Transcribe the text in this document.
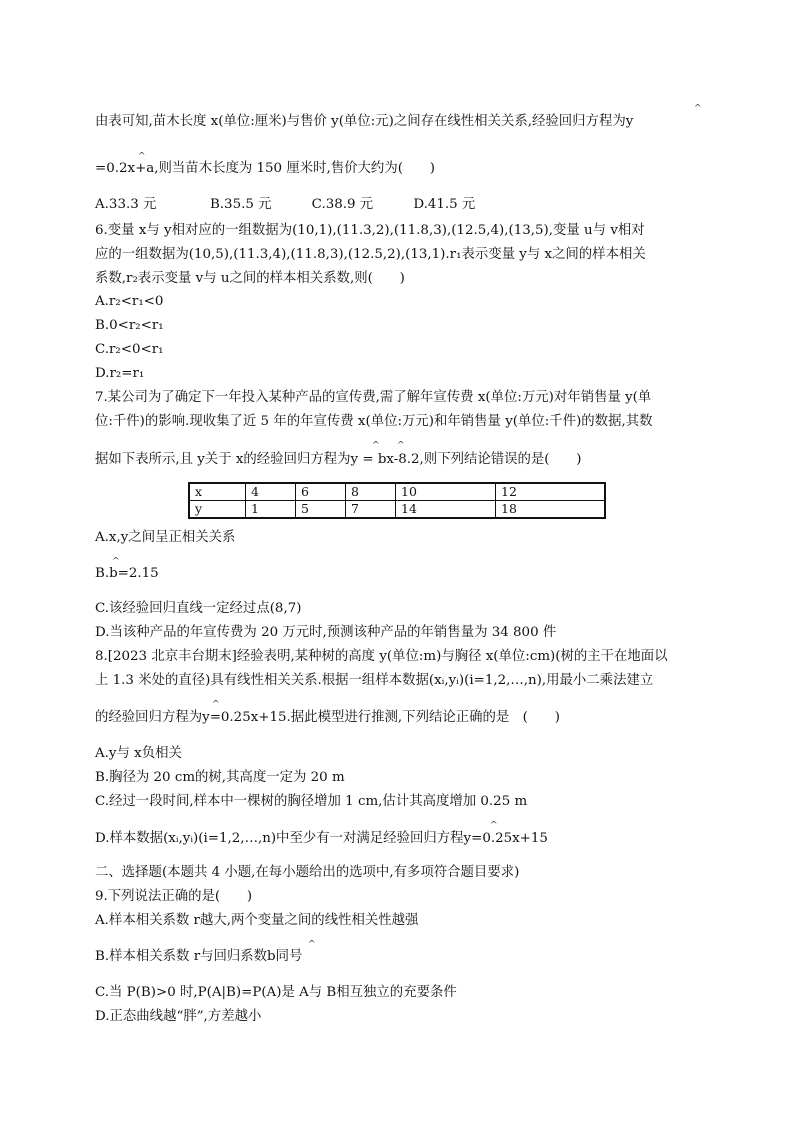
由表可知,苗木长度 x(单位:厘米)与售价 y(单位:元)之间存在线性相关关系,经验回归方程为y
^
=0.2x+a,则当苗木长度为 150 厘米时,售价大约为(　　)
^
A.33.3 元　　　　B.35.5 元　　　C.38.9 元　　　D.41.5 元
6.变量 x与 y相对应的一组数据为(10,1),(11.3,2),(11.8,3),(12.5,4),(13,5),变量 u与 v相对
应的一组数据为(10,5),(11.3,4),(11.8,3),(12.5,2),(13,1).r₁表示变量 y与 x之间的样本相关
系数,r₂表示变量 v与 u之间的样本相关系数,则(　　)
A.r₂<r₁<0
B.0<r₂<r₁
C.r₂<0<r₁
D.r₂=r₁
7.某公司为了确定下一年投入某种产品的宣传费,需了解年宣传费 x(单位:万元)对年销售量 y(单
位:千件)的影响.现收集了近 5 年的年宣传费 x(单位:万元)和年销售量 y(单位:千件)的数据,其数
据如下表所示,且 y关于 x的经验回归方程为y = bx-8.2,则下列结论错误的是(　　)
^ ^
x	4	6	8	10	12
y	1	5	7	14	18
A.x,y之间呈正相关关系
B.b=2.15
^
C.该经验回归直线一定经过点(8,7)
D.当该种产品的年宣传费为 20 万元时,预测该种产品的年销售量为 34 800 件
8.[2023 北京丰台期末]经验表明,某种树的高度 y(单位:m)与胸径 x(单位:cm)(树的主干在地面以
上 1.3 米处的直径)具有线性相关关系.根据一组样本数据(xᵢ,yᵢ)(i=1,2,…,n),用最小二乘法建立
的经验回归方程为y=0.25x+15.据此模型进行推测,下列结论正确的是　(　　)
^
A.y与 x负相关
B.胸径为 20 cm的树,其高度一定为 20 m
C.经过一段时间,样本中一棵树的胸径增加 1 cm,估计其高度增加 0.25 m
D.样本数据(xᵢ,yᵢ)(i=1,2,…,n)中至少有一对满足经验回归方程y=0.25x+15
^
二、选择题(本题共 4 小题,在每小题给出的选项中,有多项符合题目要求)
9.下列说法正确的是(　　)
A.样本相关系数 r越大,两个变量之间的线性相关性越强
B.样本相关系数 r与回归系数b同号
^
C.当 P(B)>0 时,P(A|B)=P(A)是 A与 B相互独立的充要条件
D.正态曲线越“胖”,方差越小
